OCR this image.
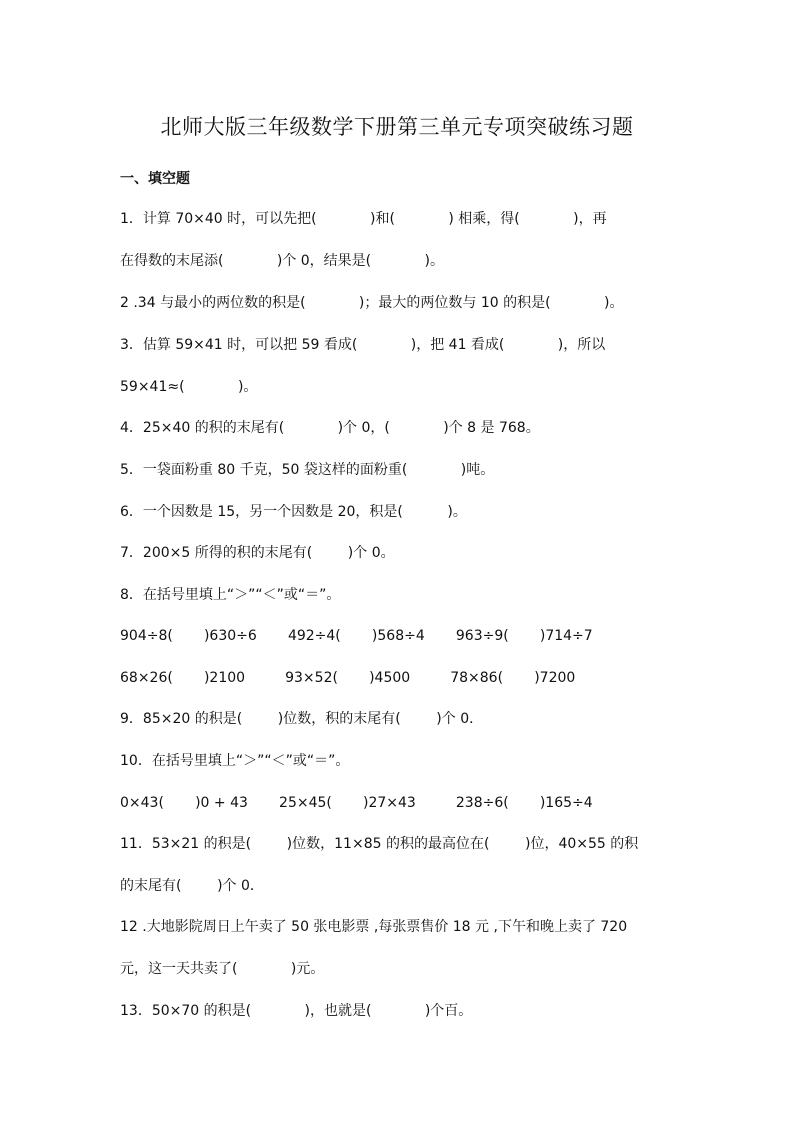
北师大版三年级数学下册第三单元专项突破练习题
一、填空题
1．计算 70×40 时，可以先把(            )和(            ) 相乘，得(            )，再
在得数的末尾添(            )个 0，结果是(            )。
2 .34 与最小的两位数的积是(            )；最大的两位数与 10 的积是(            )。
3．估算 59×41 时，可以把 59 看成(            )，把 41 看成(            )，所以
59×41≈(            )。
4．25×40 的积的末尾有(            )个 0，(            )个 8 是 768。
5．一袋面粉重 80 千克，50 袋这样的面粉重(            )吨。
6．一个因数是 15，另一个因数是 20，积是(          )。
7．200×5 所得的积的末尾有(        )个 0。
8．在括号里填上“＞”“＜”或“＝”。
904÷8(       )630÷6       492÷4(       )568÷4       963÷9(       )714÷7
68×26(       )2100         93×52(       )4500         78×86(       )7200
9．85×20 的积是(        )位数，积的末尾有(        )个 0．
10．在括号里填上“＞”“＜”或“＝”。
0×43(       )0 + 43       25×45(       )27×43         238÷6(       )165÷4
11．53×21 的积是(        )位数，11×85 的积的最高位在(        )位，40×55 的积
的末尾有(        )个 0．
12 .大地影院周日上午卖了 50 张电影票 ,每张票售价 18 元 ,下午和晚上卖了 720
元，这一天共卖了(            )元。
13．50×70 的积是(            )，也就是(            )个百。
